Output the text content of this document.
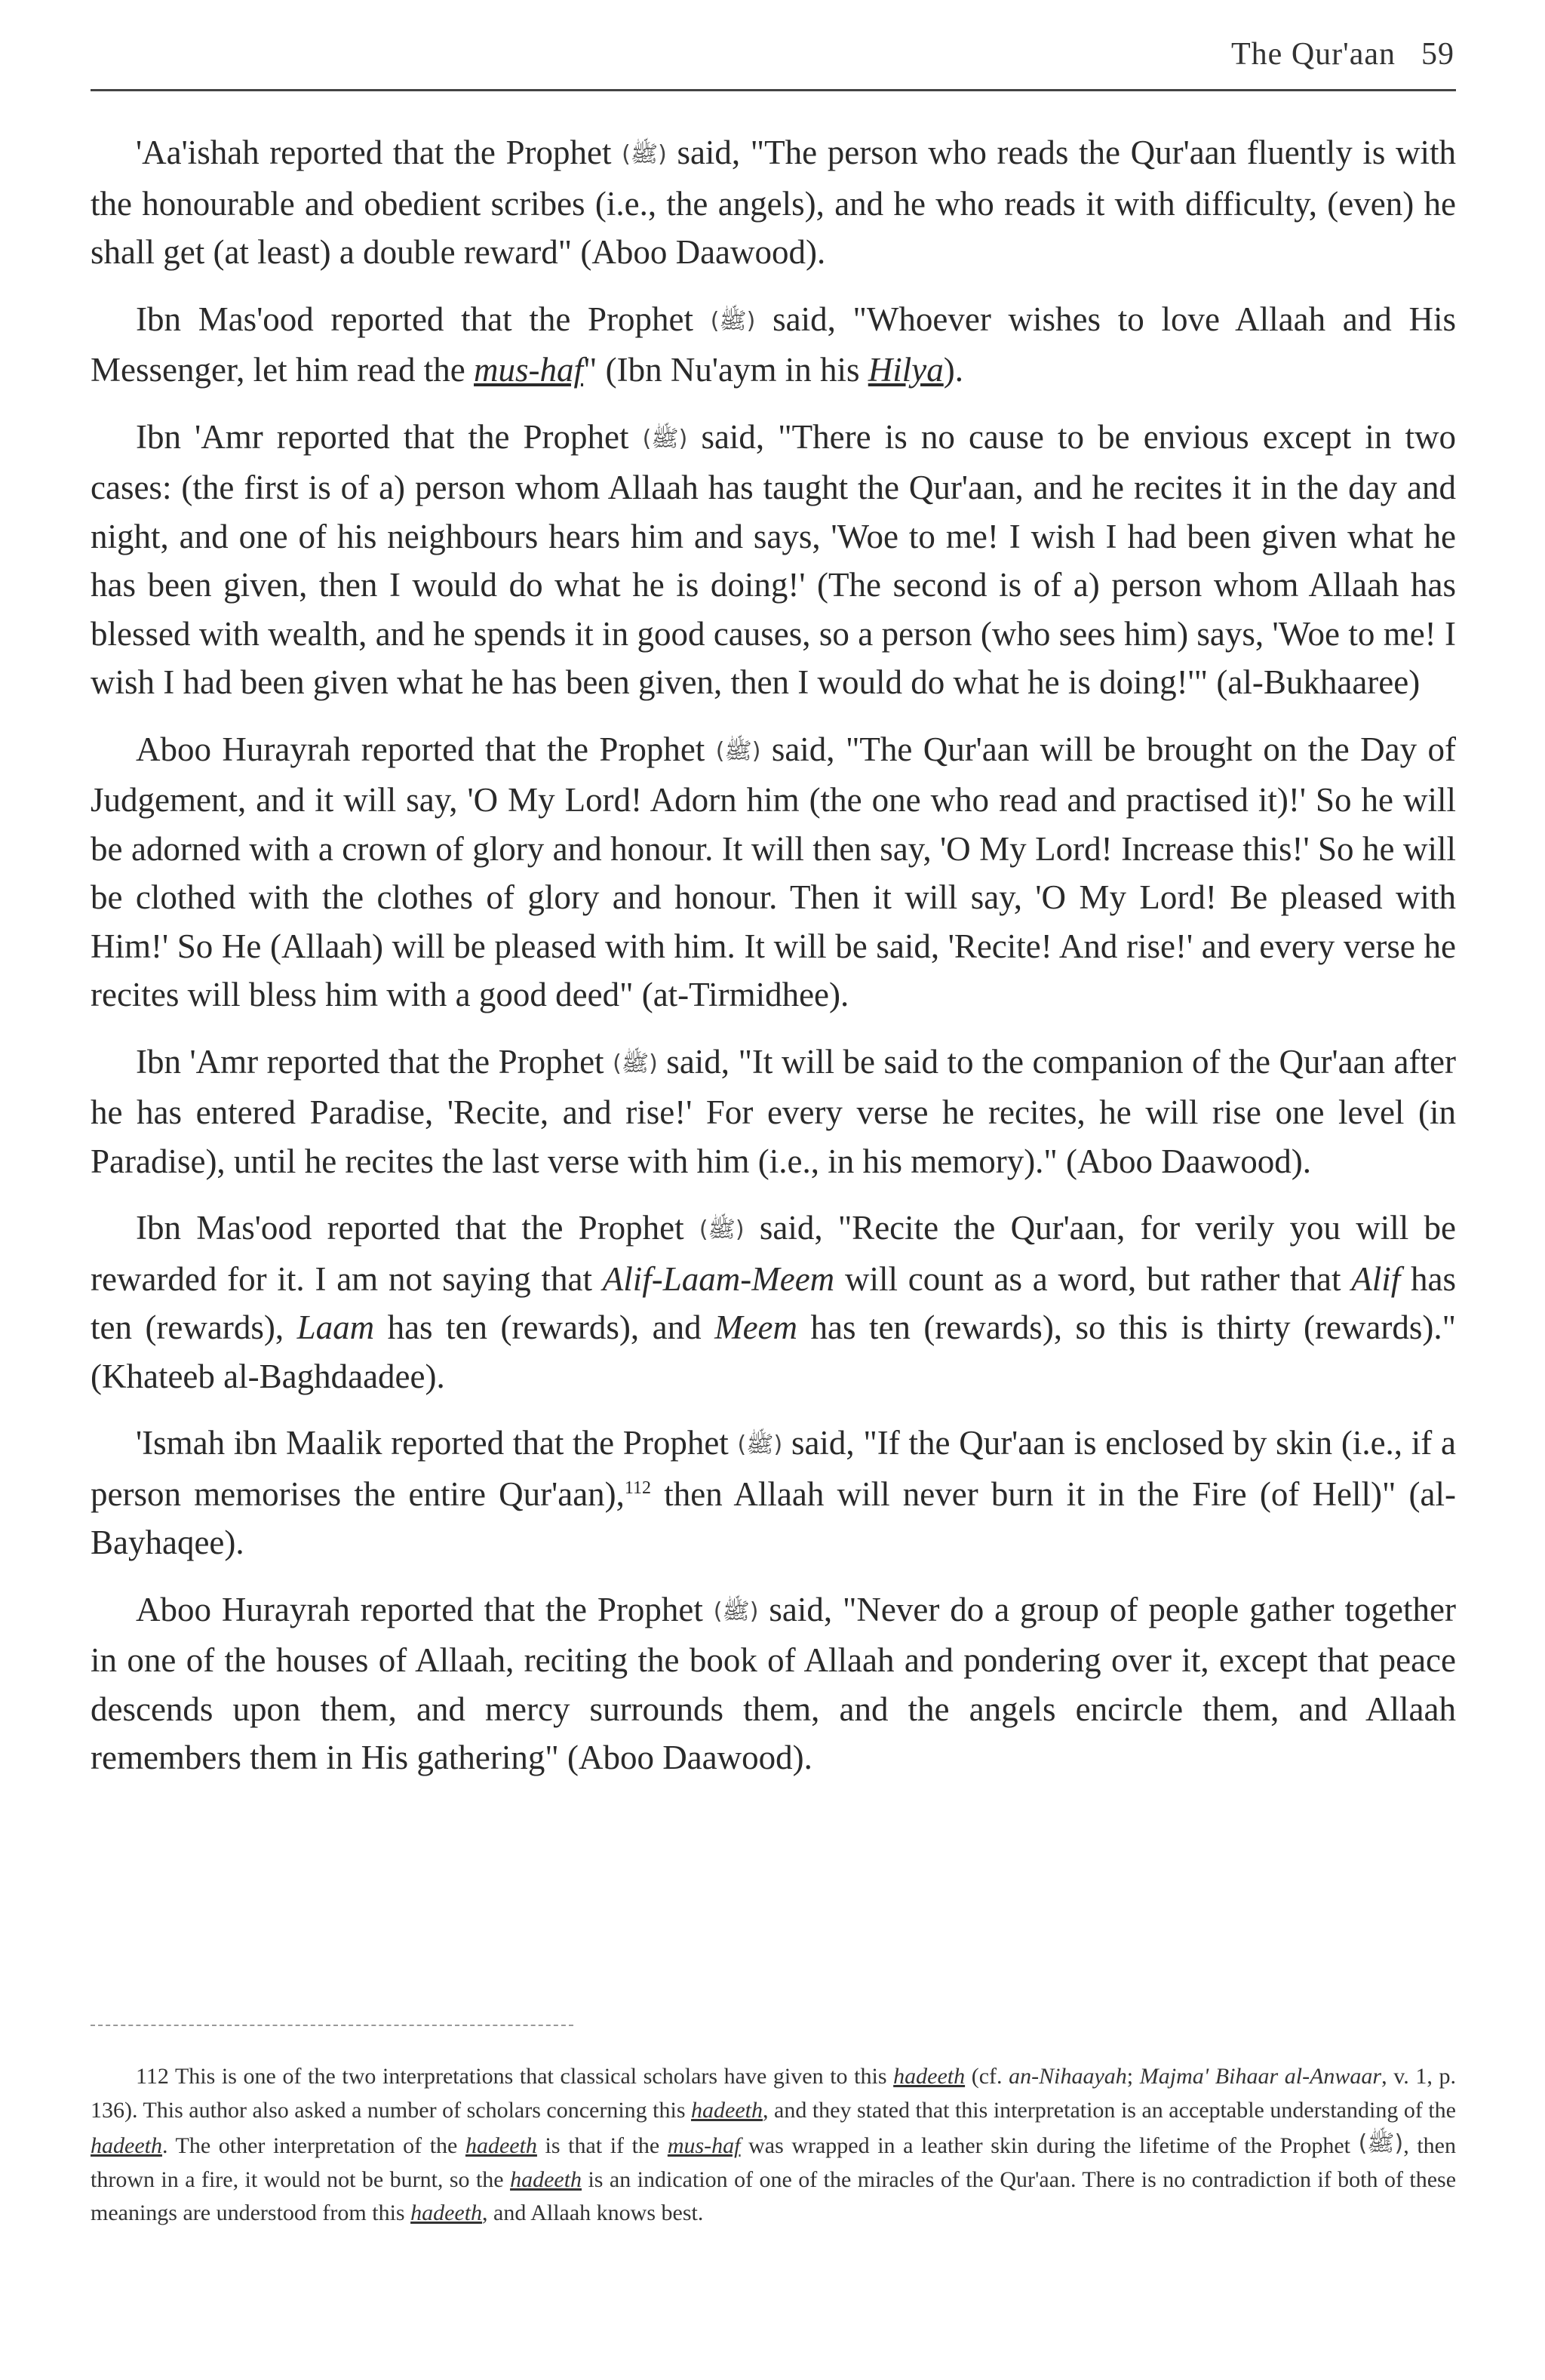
The Qur'aan 59

'Aa'ishah reported that the Prophet (ﷺ) said, "The person who reads the Qur'aan fluently is with the honourable and obedient scribes (i.e., the angels), and he who reads it with difficulty, (even) he shall get (at least) a double reward" (Aboo Daawood).

Ibn Mas'ood reported that the Prophet (ﷺ) said, "Whoever wishes to love Allaah and His Messenger, let him read the mus-haf" (Ibn Nu'aym in his Hilya).

Ibn 'Amr reported that the Prophet (ﷺ) said, "There is no cause to be envious except in two cases: (the first is of a) person whom Allaah has taught the Qur'aan, and he recites it in the day and night, and one of his neighbours hears him and says, 'Woe to me! I wish I had been given what he has been given, then I would do what he is doing!' (The second is of a) person whom Allaah has blessed with wealth, and he spends it in good causes, so a person (who sees him) says, 'Woe to me! I wish I had been given what he has been given, then I would do what he is doing!'" (al-Bukhaaree)

Aboo Hurayrah reported that the Prophet (ﷺ) said, "The Qur'aan will be brought on the Day of Judgement, and it will say, 'O My Lord! Adorn him (the one who read and practised it)!' So he will be adorned with a crown of glory and honour. It will then say, 'O My Lord! Increase this!' So he will be clothed with the clothes of glory and honour. Then it will say, 'O My Lord! Be pleased with Him!' So He (Allaah) will be pleased with him. It will be said, 'Recite! And rise!' and every verse he recites will bless him with a good deed" (at-Tirmidhee).

Ibn 'Amr reported that the Prophet (ﷺ) said, "It will be said to the companion of the Qur'aan after he has entered Paradise, 'Recite, and rise!' For every verse he recites, he will rise one level (in Paradise), until he recites the last verse with him (i.e., in his memory)." (Aboo Daawood).

Ibn Mas'ood reported that the Prophet (ﷺ) said, "Recite the Qur'aan, for verily you will be rewarded for it. I am not saying that Alif-Laam-Meem will count as a word, but rather that Alif has ten (rewards), Laam has ten (rewards), and Meem has ten (rewards), so this is thirty (rewards)." (Khateeb al-Baghdaadee).

'Ismah ibn Maalik reported that the Prophet (ﷺ) said, "If the Qur'aan is enclosed by skin (i.e., if a person memorises the entire Qur'aan),$^{112}$ then Allaah will never burn it in the Fire (of Hell)" (al-Bayhaqee).

Aboo Hurayrah reported that the Prophet (ﷺ) said, "Never do a group of people gather together in one of the houses of Allaah, reciting the book of Allaah and pondering over it, except that peace descends upon them, and mercy surrounds them, and the angels encircle them, and Allaah remembers them in His gathering" (Aboo Daawood).

112 This is one of the two interpretations that classical scholars have given to this hadeeth (cf. an-Nihaayah; Majma' Bihaar al-Anwaar, v. 1, p. 136). This author also asked a number of scholars concerning this hadeeth, and they stated that this interpretation is an acceptable understanding of the hadeeth. The other interpretation of the hadeeth is that if the mus-haf was wrapped in a leather skin during the lifetime of the Prophet (ﷺ), then thrown in a fire, it would not be burnt, so the hadeeth is an indication of one of the miracles of the Qur'aan. There is no contradiction if both of these meanings are understood from this hadeeth, and Allaah knows best.
